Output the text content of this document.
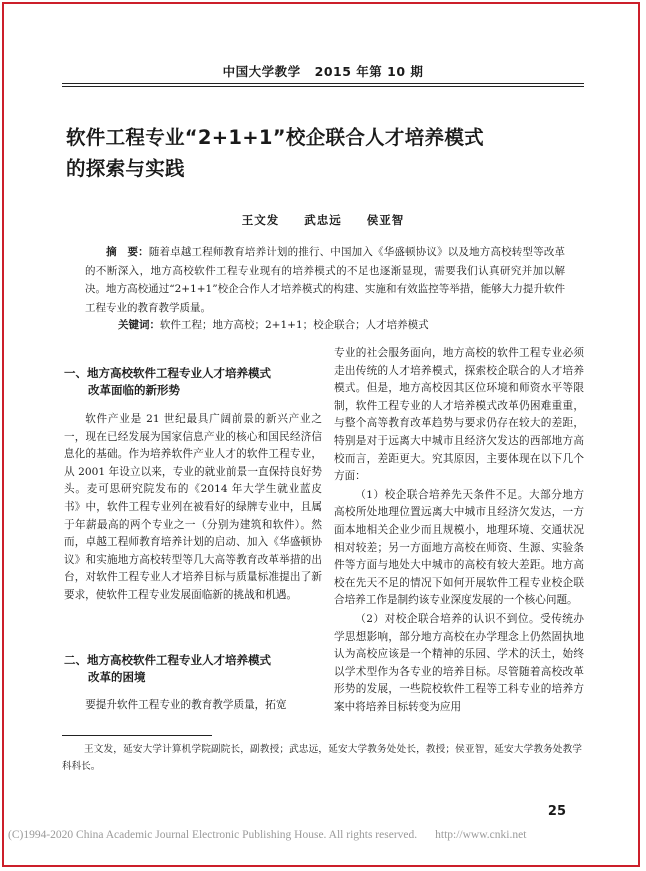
中国大学教学 2015 年第 10 期
软件工程专业“2+1+1”校企联合人才培养模式
的探索与实践
王文发 武忠远 侯亚智
摘　要：随着卓越工程师教育培养计划的推行、中国加入《华盛顿协议》以及地方高校转型等改革的不断深入，地方高校软件工程专业现有的培养模式的不足也逐渐显现，需要我们认真研究并加以解决。地方高校通过“2+1+1”校企合作人才培养模式的构建、实施和有效监控等举措，能够大力提升软件工程专业的教育教学质量。
关键词：软件工程；地方高校；2+1+1；校企联合；人才培养模式
一、地方高校软件工程专业人才培养模式
改革面临的新形势

软件产业是 21 世纪最具广阔前景的新兴产业之一，现在已经发展为国家信息产业的核心和国民经济信息化的基础。作为培养软件产业人才的软件工程专业，从 2001 年设立以来，专业的就业前景一直保持良好势头。麦可思研究院发布的《2014 年大学生就业蓝皮书》中，软件工程专业列在被看好的绿牌专业中，且属于年薪最高的两个专业之一（分别为建筑和软件）。然而，卓越工程师教育培养计划的启动、加入《华盛顿协议》和实施地方高校转型等几大高等教育改革举措的出台，对软件工程专业人才培养目标与质量标准提出了新要求，使软件工程专业发展面临新的挑战和机遇。

二、地方高校软件工程专业人才培养模式
改革的困境

要提升软件工程专业的教育教学质量，拓宽

专业的社会服务面向，地方高校的软件工程专业必须走出传统的人才培养模式，探索校企联合的人才培养模式。但是，地方高校因其区位环境和师资水平等限制，软件工程专业的人才培养模式改革仍困难重重，与整个高等教育改革趋势与要求仍存在较大的差距，特别是对于远离大中城市且经济欠发达的西部地方高校而言，差距更大。究其原因，主要体现在以下几个方面：

（1）校企联合培养先天条件不足。大部分地方高校所处地理位置远离大中城市且经济欠发达，一方面本地相关企业少而且规模小，地理环境、交通状况相对较差；另一方面地方高校在师资、生源、实验条件等方面与地处大中城市的高校有较大差距。地方高校在先天不足的情况下如何开展软件工程专业校企联合培养工作是制约该专业深度发展的一个核心问题。

（2）对校企联合培养的认识不到位。受传统办学思想影响，部分地方高校在办学理念上仍然固执地认为高校应该是一个精神的乐园、学术的沃土，始终以学术型作为各专业的培养目标。尽管随着高校改革形势的发展，一些院校软件工程等工科专业的培养方案中将培养目标转变为应用

王文发，延安大学计算机学院副院长，副教授；武忠远，延安大学教务处处长，教授；侯亚智，延安大学教务处教学科科长。
25
(C)1994-2020 China Academic Journal Electronic Publishing House. All rights reserved. http://www.cnki.net
